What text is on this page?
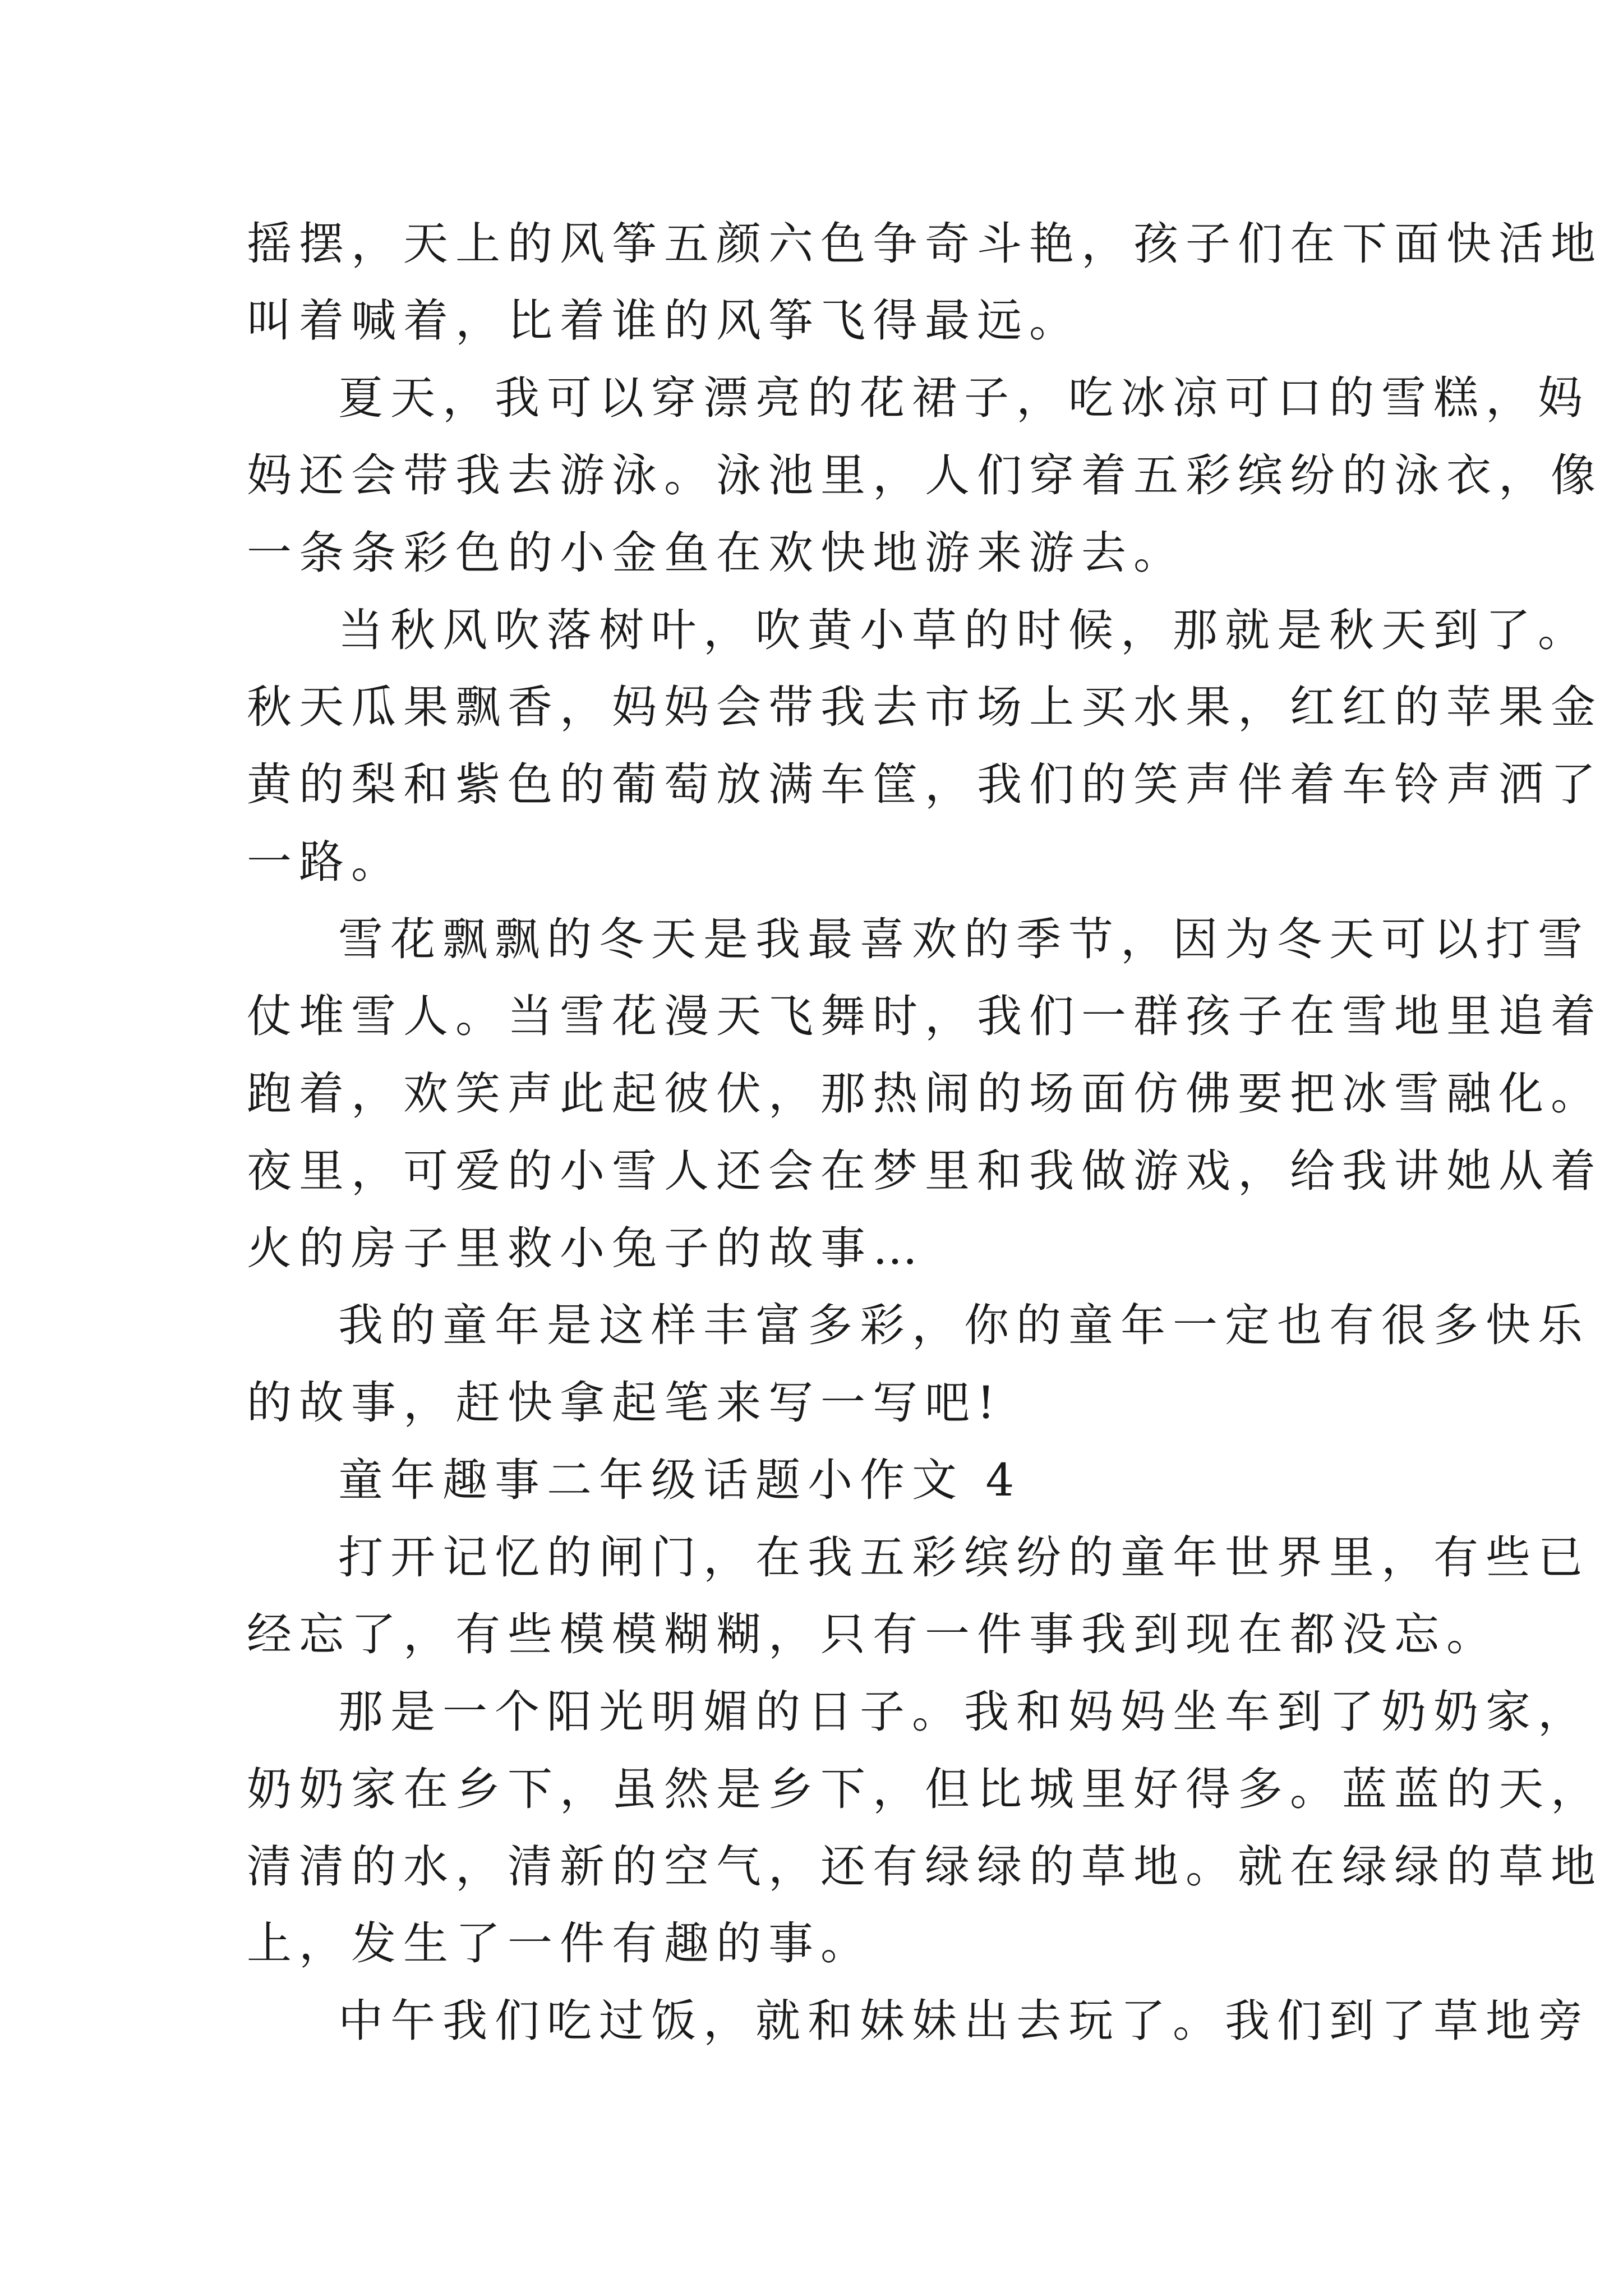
摇摆，天上的风筝五颜六色争奇斗艳，孩子们在下面快活地
叫着喊着，比着谁的风筝飞得最远。
夏天，我可以穿漂亮的花裙子，吃冰凉可口的雪糕，妈
妈还会带我去游泳。泳池里，人们穿着五彩缤纷的泳衣，像
一条条彩色的小金鱼在欢快地游来游去。
当秋风吹落树叶，吹黄小草的时候，那就是秋天到了。
秋天瓜果飘香，妈妈会带我去市场上买水果，红红的苹果金
黄的梨和紫色的葡萄放满车筐，我们的笑声伴着车铃声洒了
一路。
雪花飘飘的冬天是我最喜欢的季节，因为冬天可以打雪
仗堆雪人。当雪花漫天飞舞时，我们一群孩子在雪地里追着
跑着，欢笑声此起彼伏，那热闹的场面仿佛要把冰雪融化。
夜里，可爱的小雪人还会在梦里和我做游戏，给我讲她从着
火的房子里救小兔子的故事…
我的童年是这样丰富多彩，你的童年一定也有很多快乐
的故事，赶快拿起笔来写一写吧!
童年趣事二年级话题小作文 4
打开记忆的闸门，在我五彩缤纷的童年世界里，有些已
经忘了，有些模模糊糊，只有一件事我到现在都没忘。
那是一个阳光明媚的日子。我和妈妈坐车到了奶奶家，
奶奶家在乡下，虽然是乡下，但比城里好得多。蓝蓝的天，
清清的水，清新的空气，还有绿绿的草地。就在绿绿的草地
上，发生了一件有趣的事。
中午我们吃过饭，就和妹妹出去玩了。我们到了草地旁
